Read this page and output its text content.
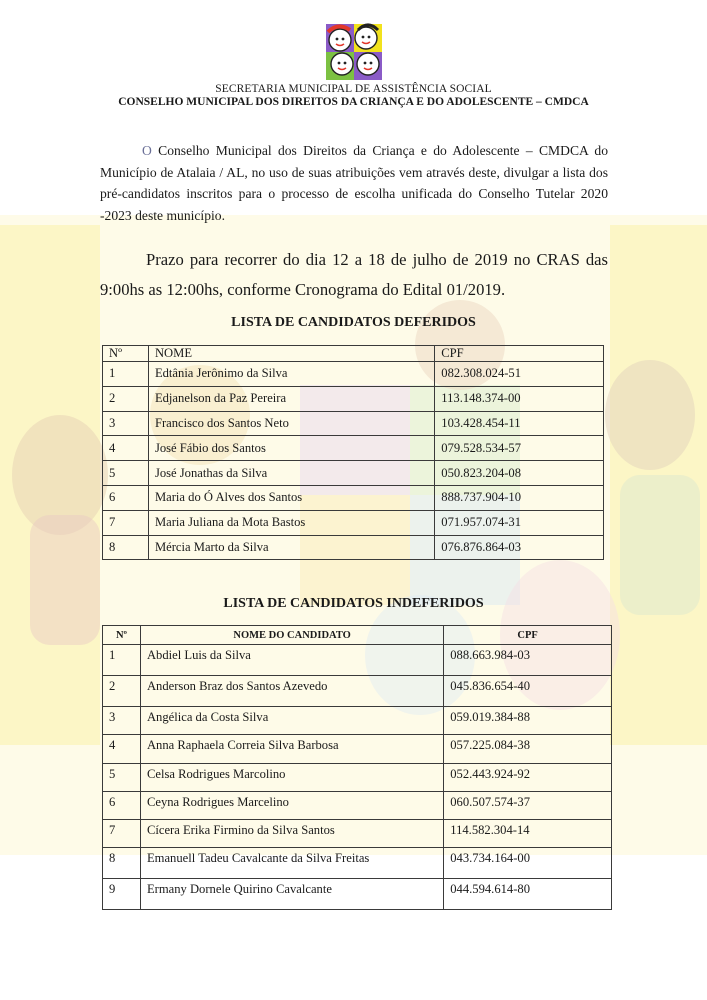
SECRETARIA MUNICIPAL DE ASSISTÊNCIA SOCIAL
CONSELHO MUNICIPAL DOS DIREITOS DA CRIANÇA E DO ADOLESCENTE – CMDCA

O Conselho Municipal dos Direitos da Criança e do Adolescente – CMDCA do Município de Atalaia / AL, no uso de suas atribuições vem através deste, divulgar a lista dos pré-candidatos inscritos para o processo de escolha unificada do Conselho Tutelar 2020 -2023 deste município.

Prazo para recorrer do dia 12 a 18 de julho de 2019 no CRAS das 9:00hs as 12:00hs, conforme Cronograma do Edital 01/2019.

LISTA DE CANDIDATOS DEFERIDOS
Nº	NOME	CPF
1	Edtânia Jerônimo da Silva	082.308.024-51
2	Edjanelson da Paz Pereira	113.148.374-00
3	Francisco dos Santos Neto	103.428.454-11
4	José Fábio dos Santos	079.528.534-57
5	José Jonathas da Silva	050.823.204-08
6	Maria do Ó Alves dos Santos	888.737.904-10
7	Maria Juliana da Mota Bastos	071.957.074-31
8	Mércia Marto da Silva	076.876.864-03
LISTA DE CANDIDATOS INDEFERIDOS
Nº	NOME DO CANDIDATO	CPF
1	Abdiel Luis da Silva	088.663.984-03
2	Anderson Braz dos Santos Azevedo	045.836.654-40
3	Angélica da Costa Silva	059.019.384-88
4	Anna Raphaela Correia Silva Barbosa	057.225.084-38
5	Celsa Rodrigues Marcolino	052.443.924-92
6	Ceyna Rodrigues Marcelino	060.507.574-37
7	Cícera Erika Firmino da Silva Santos	114.582.304-14
8	Emanuell Tadeu Cavalcante da Silva Freitas	043.734.164-00
9	Ermany Dornele Quirino Cavalcante	044.594.614-80
